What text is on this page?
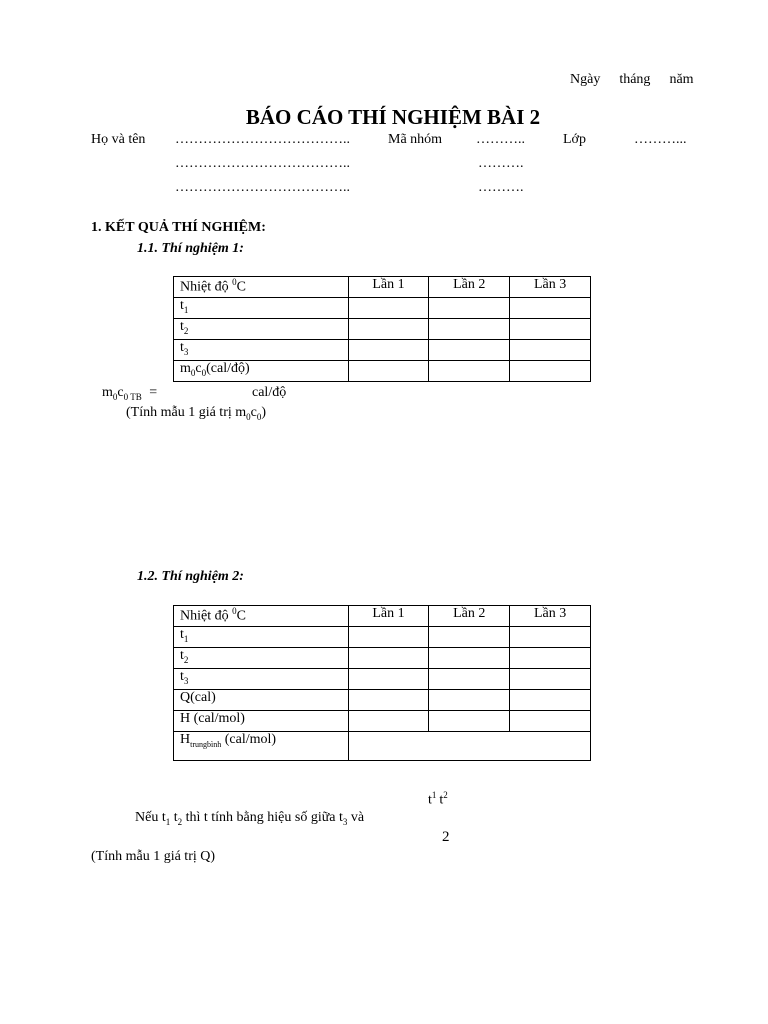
Ngày tháng năm
BÁO CÁO THÍ NGHIỆM BÀI 2
Họ và tên ………………………………..	Mã nhóm ………..	Lớp	………...
………………………………..	……….
………………………………..	……….
1. KẾT QUẢ THÍ NGHIỆM:
1.1. Thí nghiệm 1:
Nhiệt độ $^0$C	Lần 1	Lần 2	Lần 3
$t_1$			
$t_2$			
$t_3$			
$m_0c_0(cal/độ)$			
$m_0c_{0 TB}$ =	cal/độ
(Tính mẫu 1 giá trị $m_0c_0$)
1.2. Thí nghiệm 2:
Nhiệt độ $^0$C	Lần 1	Lần 2	Lần 3
$t_1$			
$t_2$			
$t_3$			
Q(cal)			
H (cal/mol)			
$H_{trungbình}$ (cal/mol)			
$t^1$ $t^2$
Nếu $t_1$ $t_2$ thì t tính bằng hiệu số giữa $t_3$ và
2
(Tính mẫu 1 giá trị Q)
